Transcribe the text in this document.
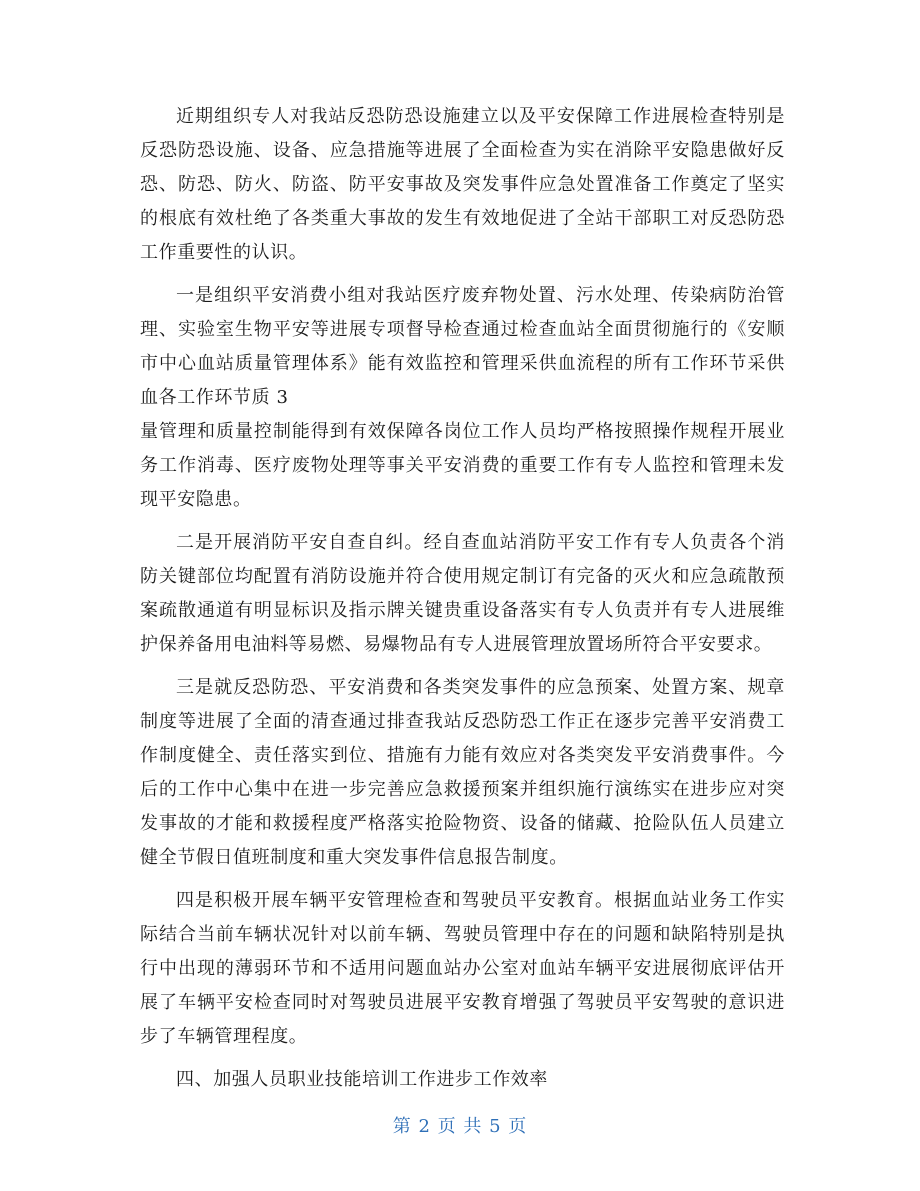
近期组织专人对我站反恐防恐设施建立以及平安保障工作进展检查特别是反恐防恐设施、设备、应急措施等进展了全面检查为实在消除平安隐患做好反恐、防恐、防火、防盗、防平安事故及突发事件应急处置准备工作奠定了坚实的根底有效杜绝了各类重大事故的发生有效地促进了全站干部职工对反恐防恐工作重要性的认识。

一是组织平安消费小组对我站医疗废弃物处置、污水处理、传染病防治管理、实验室生物平安等进展专项督导检查通过检查血站全面贯彻施行的《安顺市中心血站质量管理体系》能有效监控和管理采供血流程的所有工作环节采供血各工作环节质 3

量管理和质量控制能得到有效保障各岗位工作人员均严格按照操作规程开展业务工作消毒、医疗废物处理等事关平安消费的重要工作有专人监控和管理未发现平安隐患。

二是开展消防平安自查自纠。经自查血站消防平安工作有专人负责各个消防关键部位均配置有消防设施并符合使用规定制订有完备的灭火和应急疏散预案疏散通道有明显标识及指示牌关键贵重设备落实有专人负责并有专人进展维护保养备用电油料等易燃、易爆物品有专人进展管理放置场所符合平安要求。

三是就反恐防恐、平安消费和各类突发事件的应急预案、处置方案、规章制度等进展了全面的清查通过排查我站反恐防恐工作正在逐步完善平安消费工作制度健全、责任落实到位、措施有力能有效应对各类突发平安消费事件。今后的工作中心集中在进一步完善应急救援预案并组织施行演练实在进步应对突发事故的才能和救援程度严格落实抢险物资、设备的储藏、抢险队伍人员建立健全节假日值班制度和重大突发事件信息报告制度。

四是积极开展车辆平安管理检查和驾驶员平安教育。根据血站业务工作实际结合当前车辆状况针对以前车辆、驾驶员管理中存在的问题和缺陷特别是执行中出现的薄弱环节和不适用问题血站办公室对血站车辆平安进展彻底评估开展了车辆平安检查同时对驾驶员进展平安教育增强了驾驶员平安驾驶的意识进步了车辆管理程度。

四、加强人员职业技能培训工作进步工作效率

第 2 页 共 5 页
